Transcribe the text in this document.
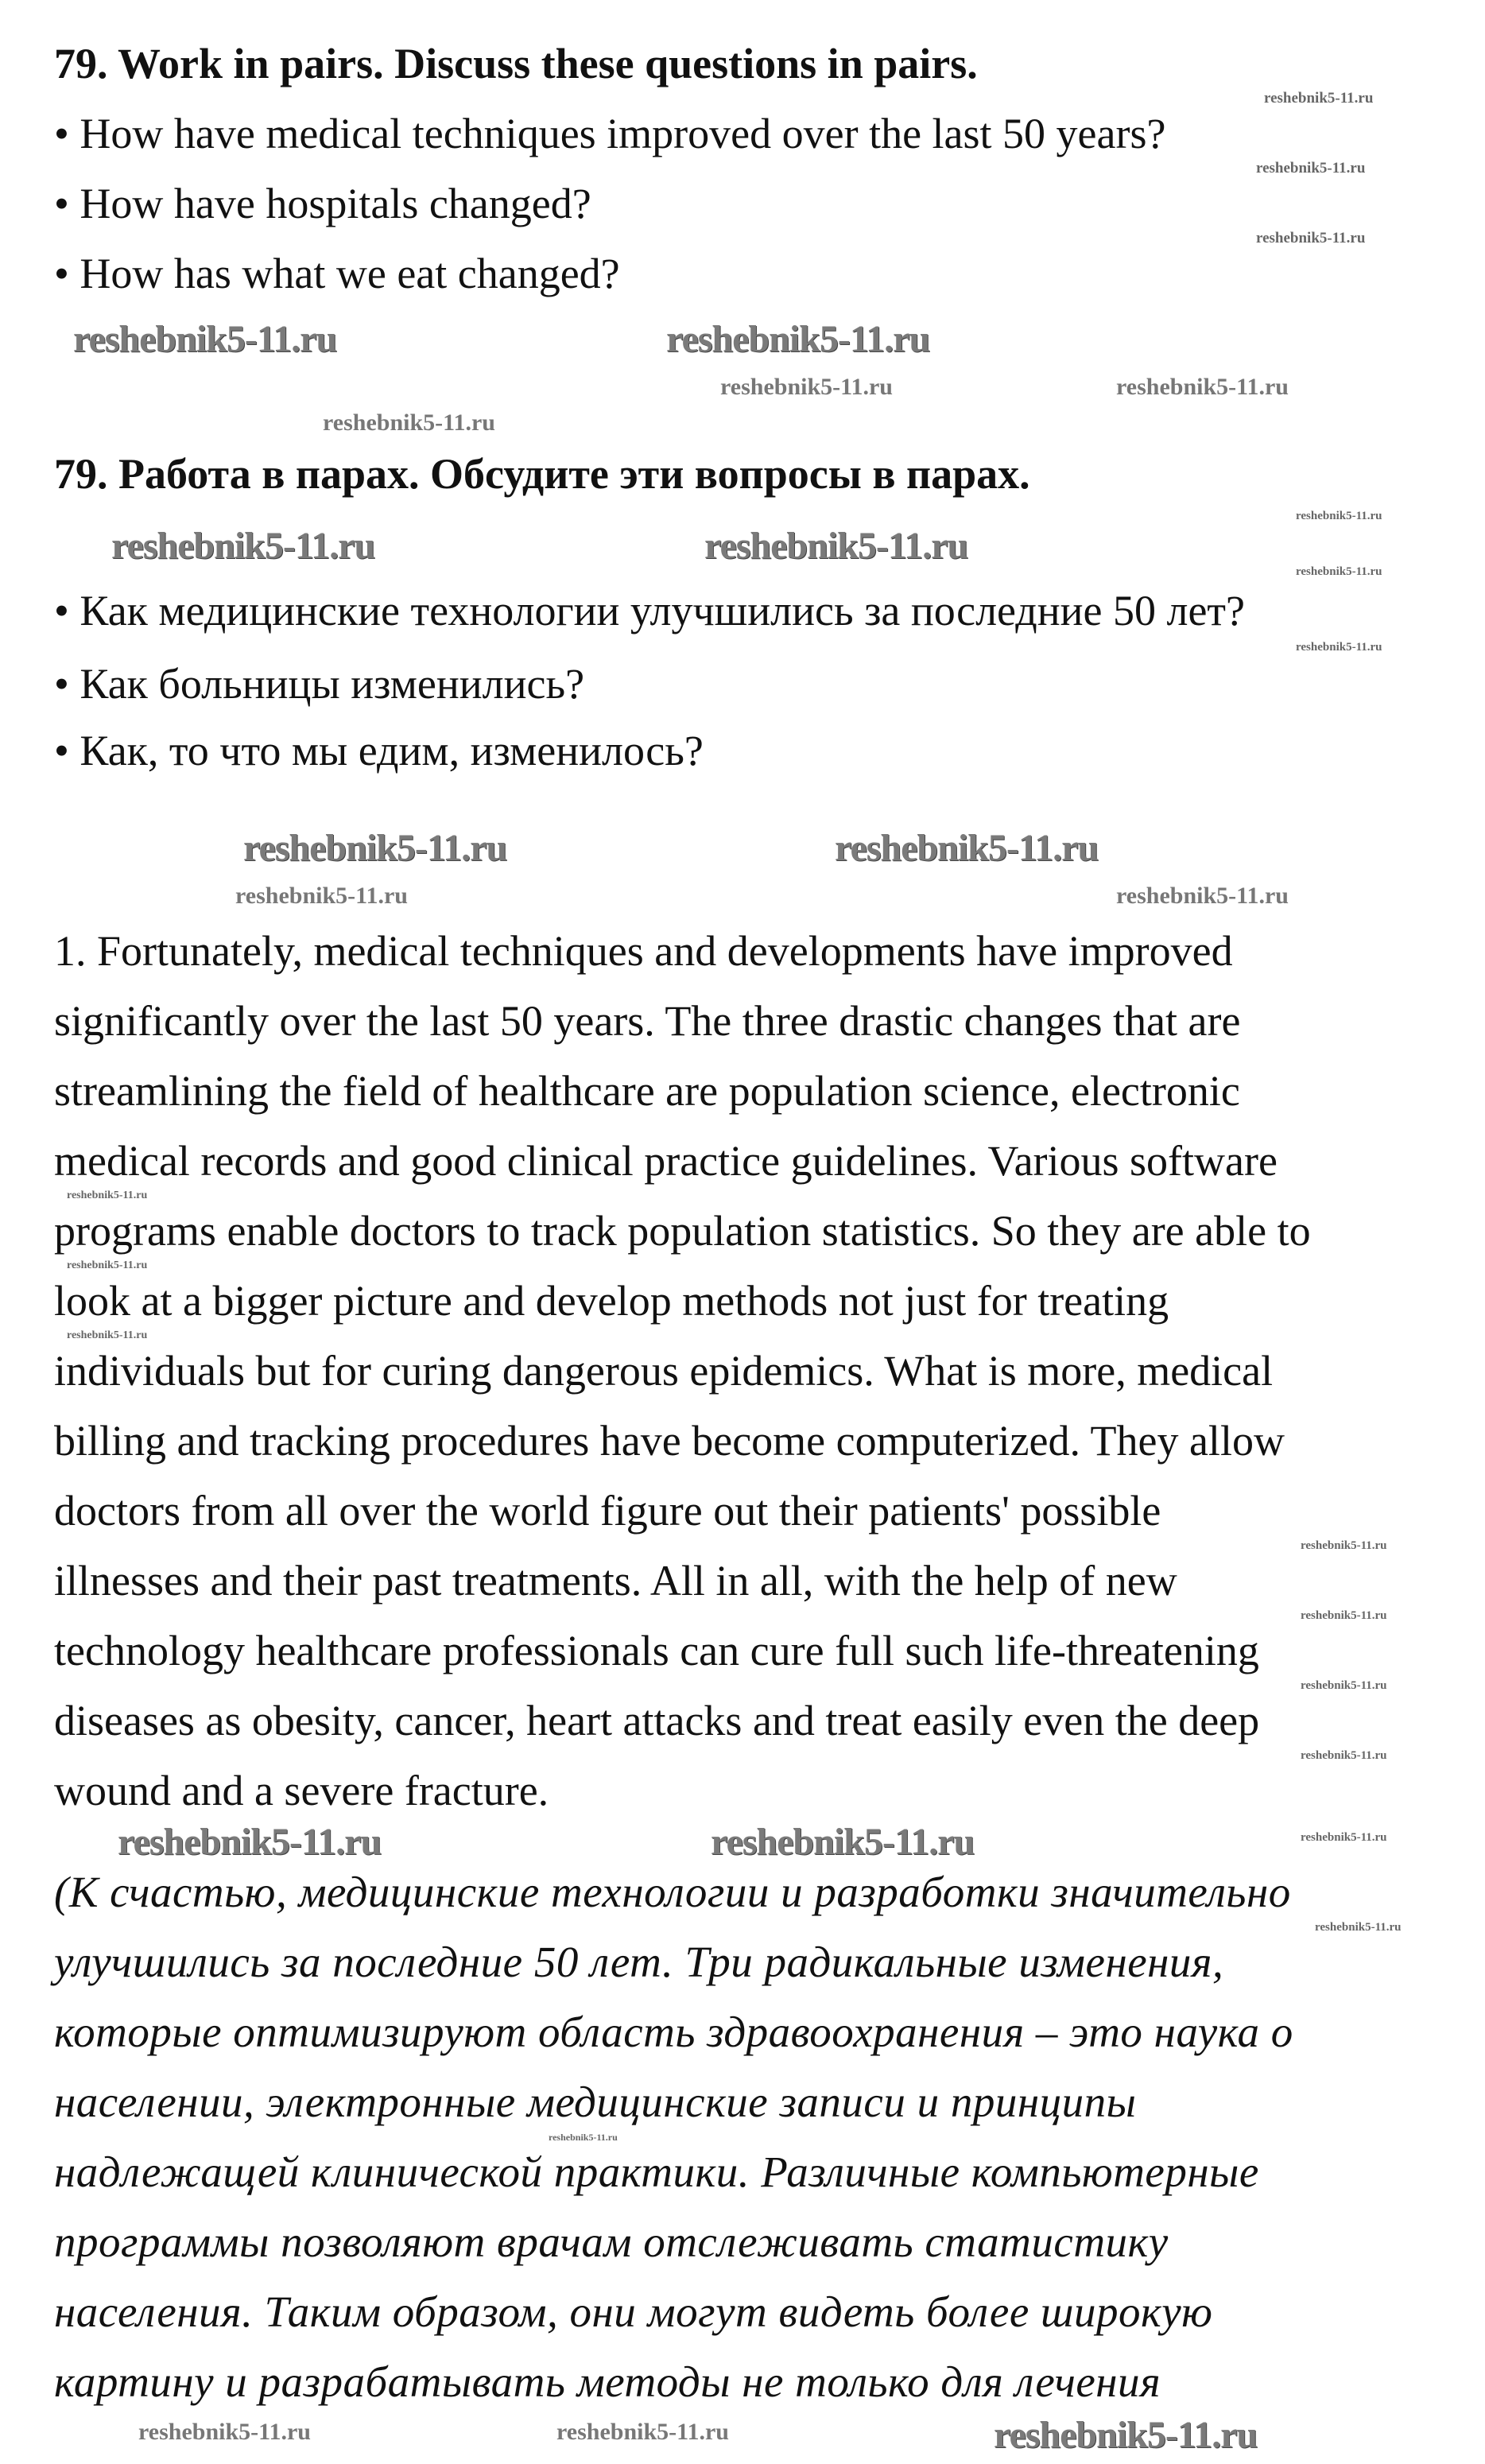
79. Work in pairs. Discuss these questions in pairs.
• How have medical techniques improved over the last 50 years?
• How have hospitals changed?
• How has what we eat changed?
79. Работа в парах. Обсудите эти вопросы в парах.
• Как медицинские технологии улучшились за последние 50 лет?
• Как больницы изменились?
• Как, то что мы едим, изменилось?
1. Fortunately, medical techniques and developments have improved
significantly over the last 50 years. The three drastic changes that are
streamlining the field of healthcare are population science, electronic
medical records and good clinical practice guidelines. Various software
programs enable doctors to track population statistics. So they are able to
look at a bigger picture and develop methods not just for treating
individuals but for curing dangerous epidemics. What is more, medical
billing and tracking procedures have become computerized. They allow
doctors from all over the world figure out their patients' possible
illnesses and their past treatments. All in all, with the help of new
technology healthcare professionals can cure full such life-threatening
diseases as obesity, cancer, heart attacks and treat easily even the deep
wound and a severe fracture.
(К счастью, медицинские технологии и разработки значительно
улучшились за последние 50 лет. Три радикальные изменения,
которые оптимизируют область здравоохранения – это наука о
населении, электронные медицинские записи и принципы
надлежащей клинической практики. Различные компьютерные
программы позволяют врачам отслеживать статистику
населения. Таким образом, они могут видеть более широкую
картину и разрабатывать методы не только для лечения
reshebnik5-11.ru
reshebnik5-11.ru
reshebnik5-11.ru
reshebnik5-11.ru	reshebnik5-11.ru
reshebnik5-11.ru
reshebnik5-11.ru
reshebnik5-11.ru
reshebnik5-11.ru
reshebnik5-11.ru
reshebnik5-11.ru
reshebnik5-11.ru	reshebnik5-11.ru
reshebnik5-11.ru	reshebnik5-11.ru
reshebnik5-11.ru
reshebnik5-11.ru
reshebnik5-11.ru
reshebnik5-11.ru
reshebnik5-11.ru
reshebnik5-11.ru
reshebnik5-11.ru
reshebnik5-11.ru
reshebnik5-11.ru
reshebnik5-11.ru	reshebnik5-11.ru	reshebnik5-11.ru
reshebnik5-11.ru
reshebnik5-11.ru
reshebnik5-11.ru	reshebnik5-11.ru	reshebnik5-11.ru
